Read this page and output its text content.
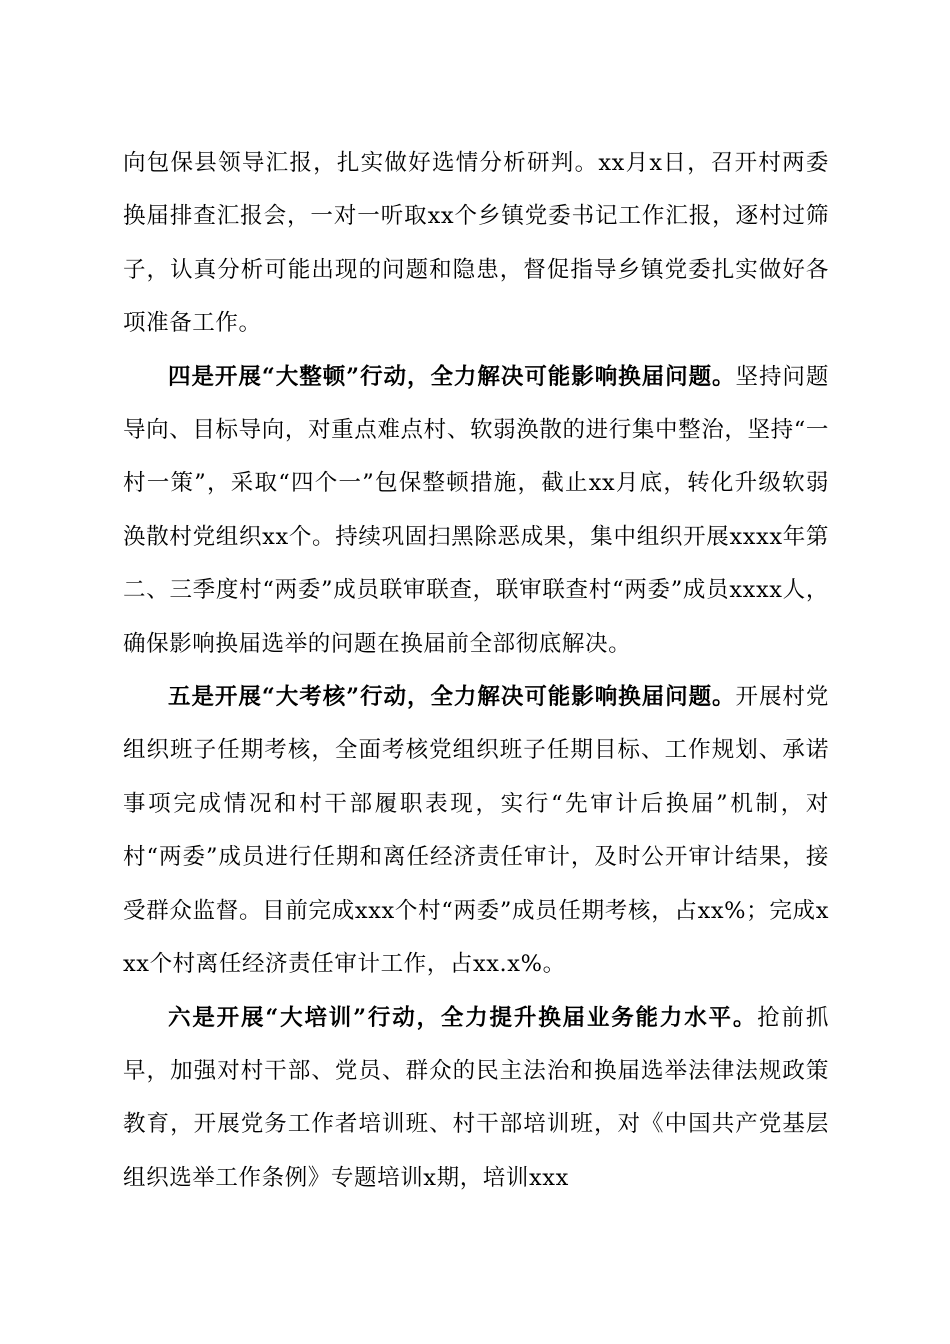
向包保县领导汇报，扎实做好选情分析研判。xx月x日，召开村两委换届排查汇报会，一对一听取xx个乡镇党委书记工作汇报，逐村过筛子，认真分析可能出现的问题和隐患，督促指导乡镇党委扎实做好各项准备工作。

四是开展“大整顿”行动，全力解决可能影响换届问题。坚持问题导向、目标导向，对重点难点村、软弱涣散的进行集中整治，坚持“一村一策”，采取“四个一”包保整顿措施，截止xx月底，转化升级软弱涣散村党组织xx个。持续巩固扫黑除恶成果，集中组织开展xxxx年第二、三季度村“两委”成员联审联查，联审联查村“两委”成员xxxx人，确保影响换届选举的问题在换届前全部彻底解决。

五是开展“大考核”行动，全力解决可能影响换届问题。开展村党组织班子任期考核，全面考核党组织班子任期目标、工作规划、承诺事项完成情况和村干部履职表现，实行“先审计后换届”机制，对村“两委”成员进行任期和离任经济责任审计，及时公开审计结果，接受群众监督。目前完成xxx个村“两委”成员任期考核，占xx%；完成xxx个村离任经济责任审计工作，占xx.x%。

六是开展“大培训”行动，全力提升换届业务能力水平。抢前抓早，加强对村干部、党员、群众的民主法治和换届选举法律法规政策教育，开展党务工作者培训班、村干部培训班，对《中国共产党基层组织选举工作条例》专题培训x期，培训xxx
